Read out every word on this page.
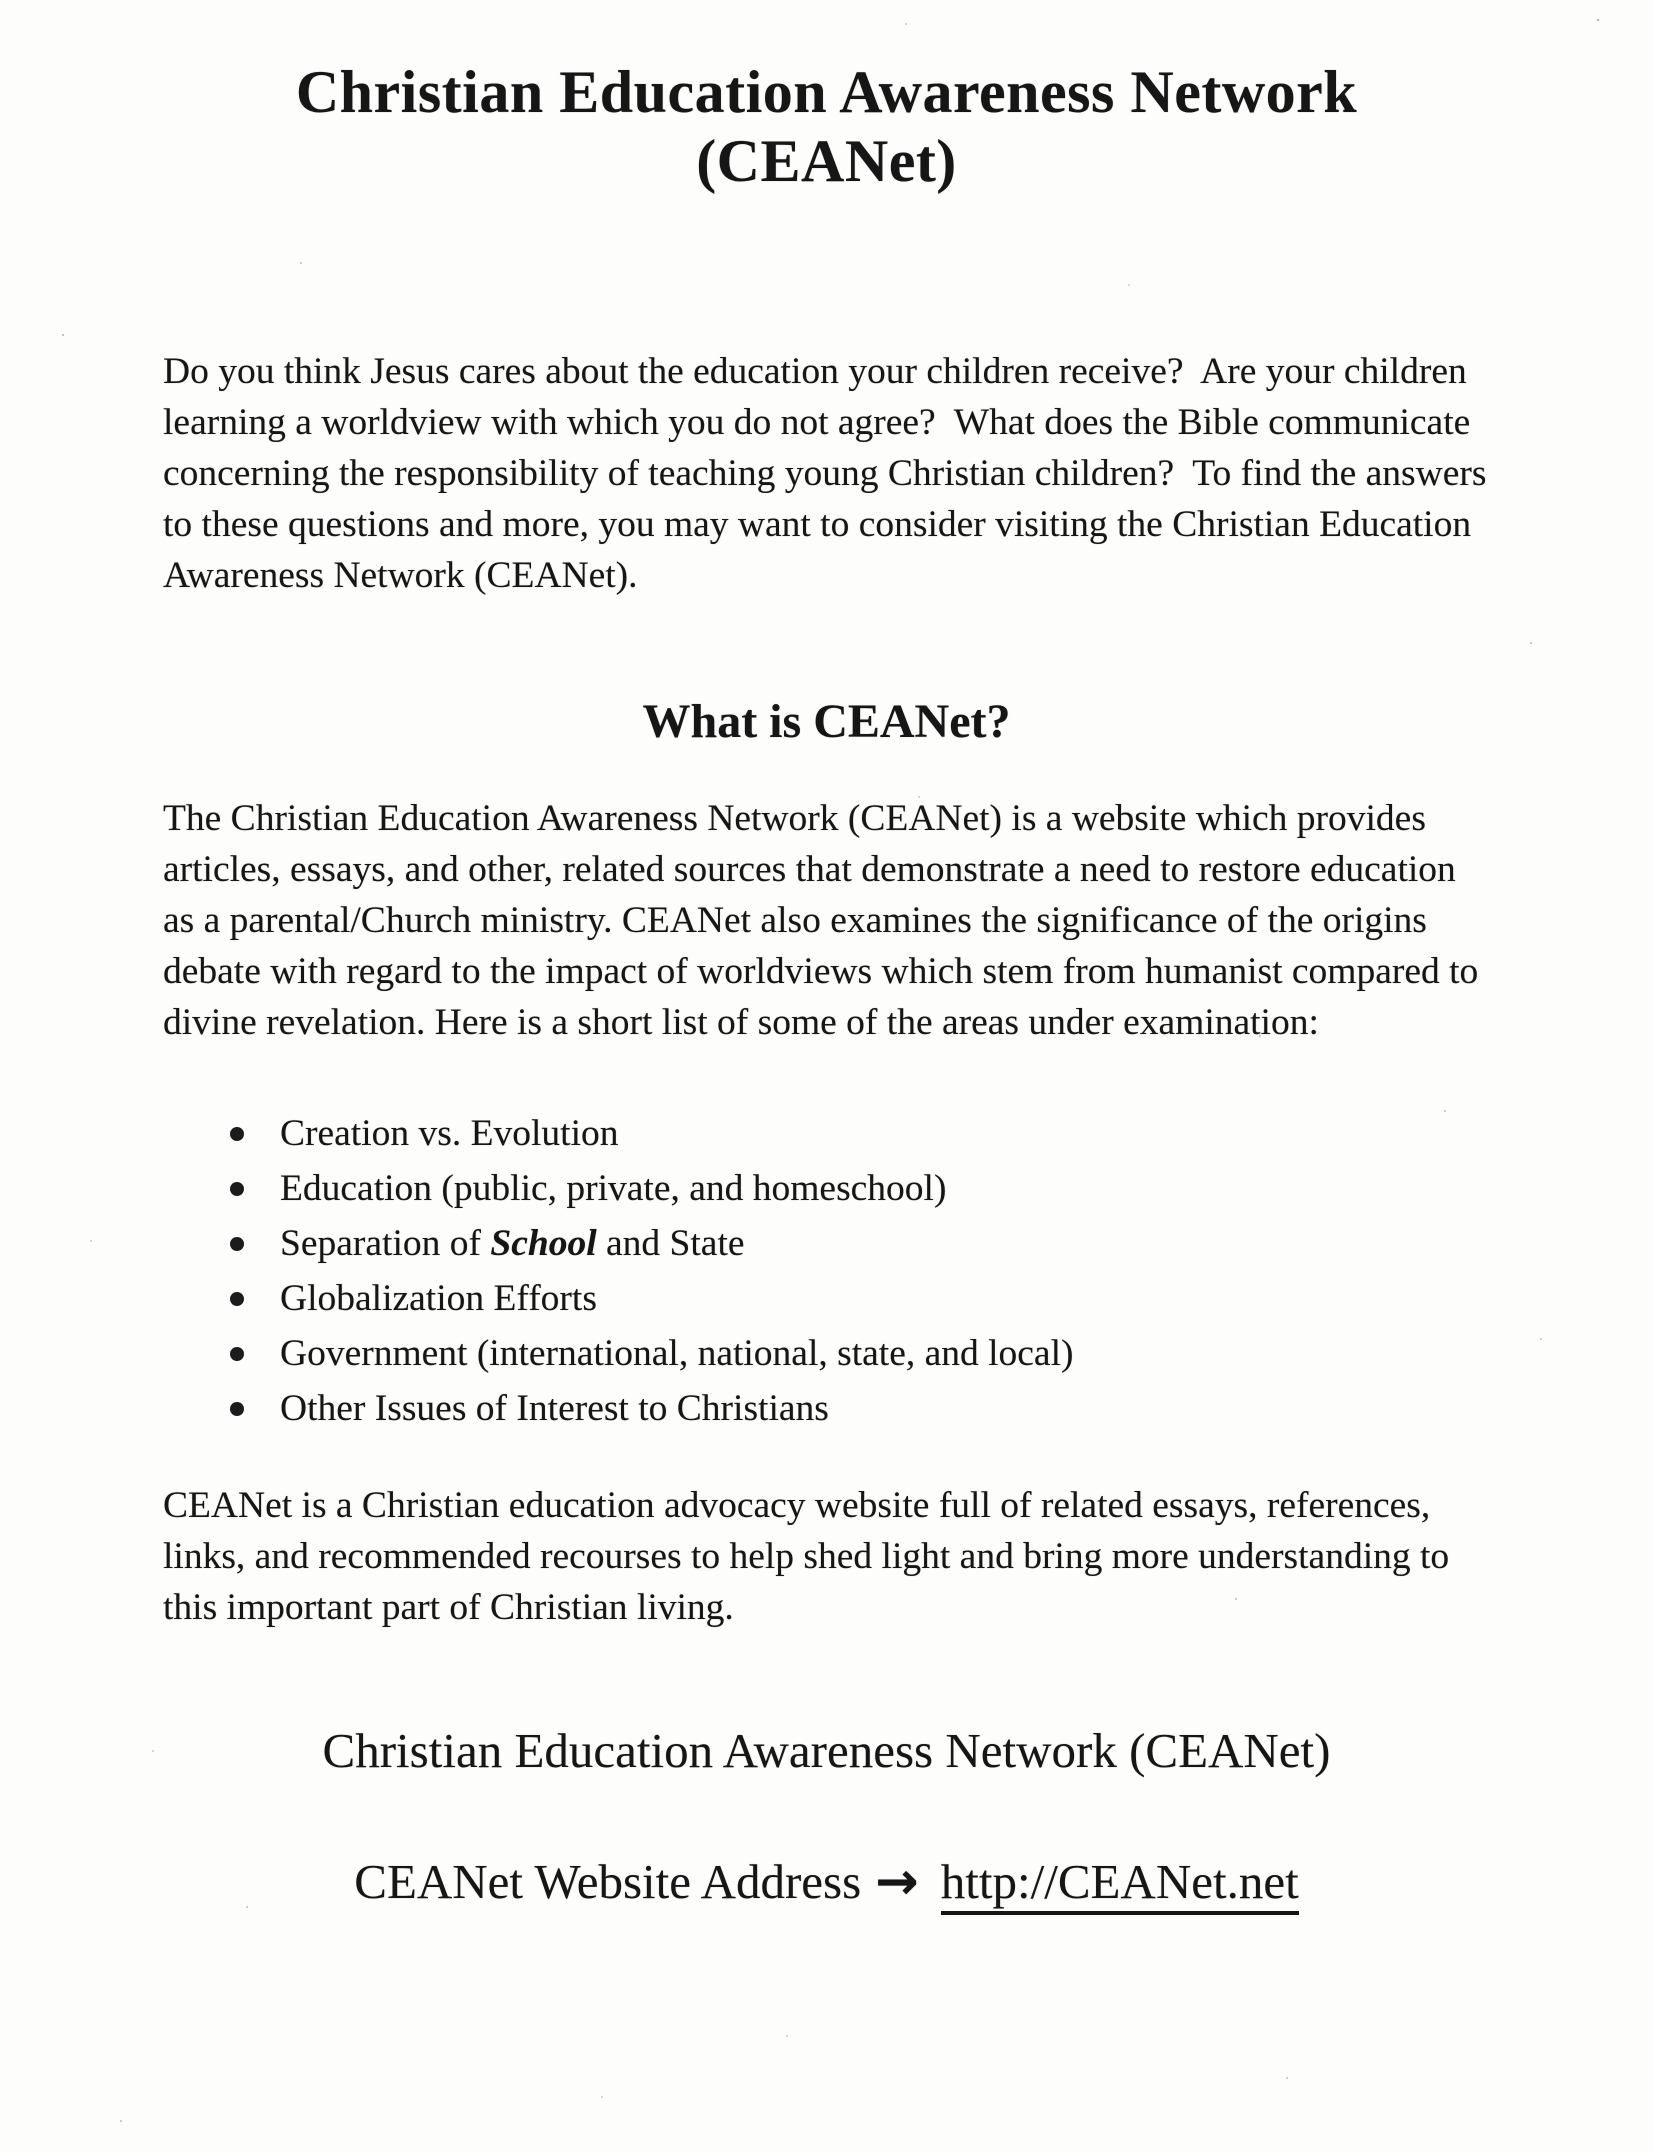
Christian Education Awareness Network
(CEANet)

Do you think Jesus cares about the education your children receive?  Are your children learning a worldview with which you do not agree?  What does the Bible communicate concerning the responsibility of teaching young Christian children?  To find the answers to these questions and more, you may want to consider visiting the Christian Education Awareness Network (CEANet).

What is CEANet?

The Christian Education Awareness Network (CEANet) is a website which provides articles, essays, and other, related sources that demonstrate a need to restore education as a parental/Church ministry. CEANet also examines the significance of the origins debate with regard to the impact of worldviews which stem from humanist compared to divine revelation. Here is a short list of some of the areas under examination:

Creation vs. Evolution
Education (public, private, and homeschool)
Separation of School and State
Globalization Efforts
Government (international, national, state, and local)
Other Issues of Interest to Christians

CEANet is a Christian education advocacy website full of related essays, references, links, and recommended recourses to help shed light and bring more understanding to this important part of Christian living.

Christian Education Awareness Network (CEANet)
CEANet Website Address → http://CEANet.net
